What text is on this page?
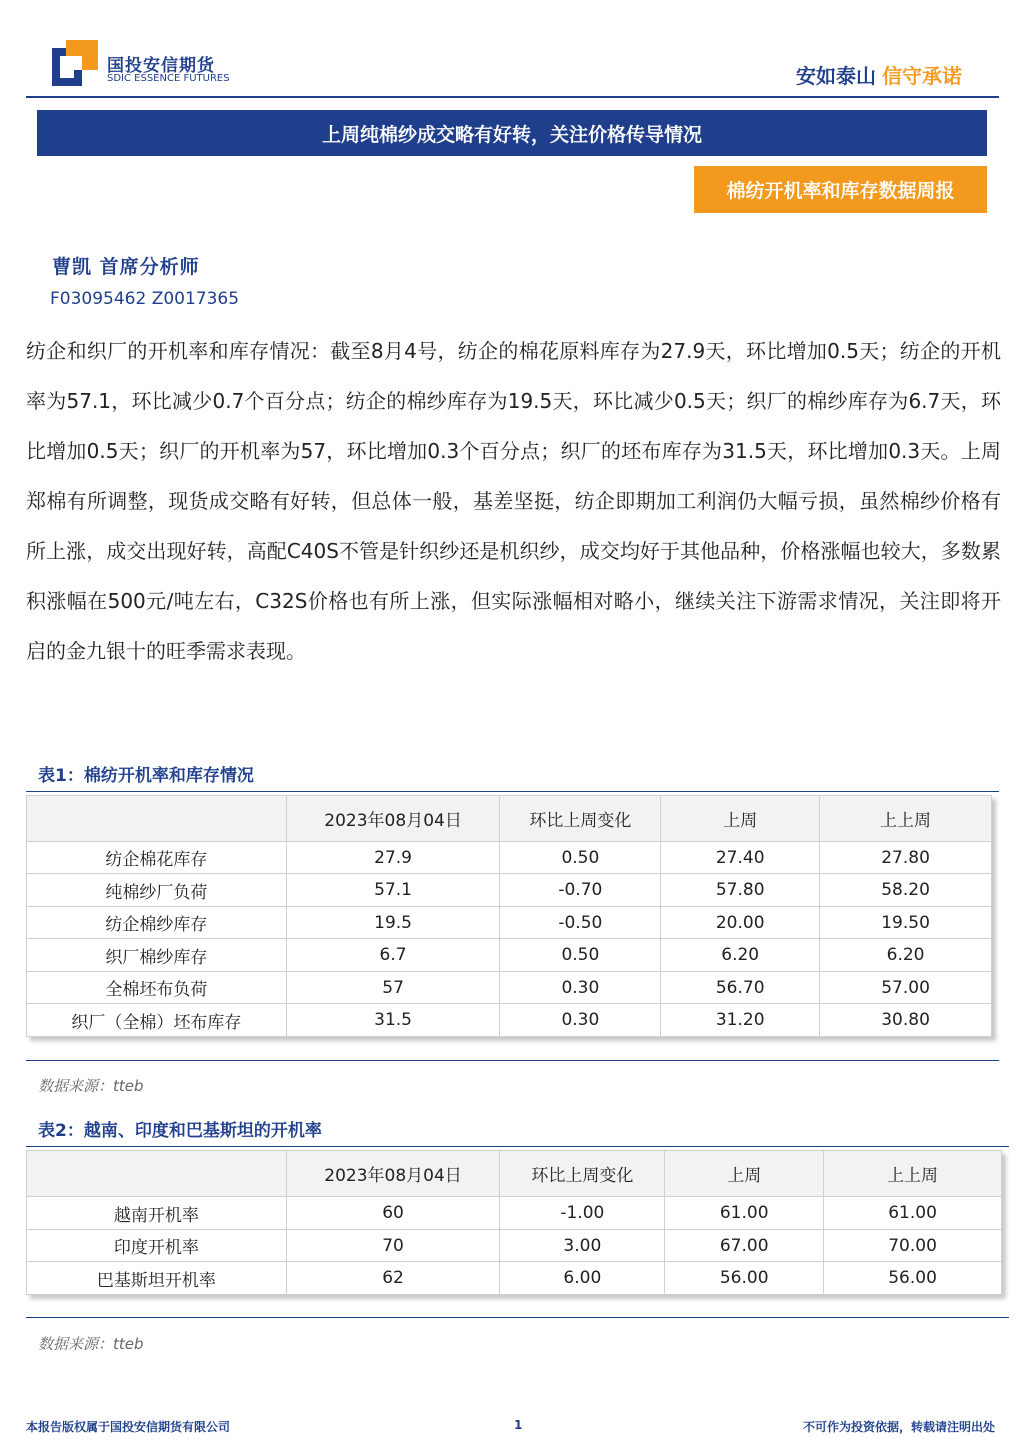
国投安信期货
SDIC ESSENCE FUTURES	安如泰山 信守承诺
上周纯棉纱成交略有好转，关注价格传导情况
棉纺开机率和库存数据周报
曹凯 首席分析师
F03095462 Z0017365

纺企和织厂的开机率和库存情况：截至8月4号，纺企的棉花原料库存为27.9天，环比增加0.5天；纺企的开机率为57.1，环比减少0.7个百分点；纺企的棉纱库存为19.5天，环比减少0.5天；织厂的棉纱库存为6.7天，环比增加0.5天；织厂的开机率为57，环比增加0.3个百分点；织厂的坯布库存为31.5天，环比增加0.3天。上周郑棉有所调整，现货成交略有好转，但总体一般，基差坚挺，纺企即期加工利润仍大幅亏损，虽然棉纱价格有所上涨，成交出现好转，高配C40S不管是针织纱还是机织纱，成交均好于其他品种，价格涨幅也较大，多数累积涨幅在500元/吨左右，C32S价格也有所上涨，但实际涨幅相对略小，继续关注下游需求情况，关注即将开启的金九银十的旺季需求表现。

表1：棉纺开机率和库存情况
	2023年08月04日	环比上周变化	上周	上上周
纺企棉花库存	27.9	0.50	27.40	27.80
纯棉纱厂负荷	57.1	-0.70	57.80	58.20
纺企棉纱库存	19.5	-0.50	20.00	19.50
织厂棉纱库存	6.7	0.50	6.20	6.20
全棉坯布负荷	57	0.30	56.70	57.00
织厂（全棉）坯布库存	31.5	0.30	31.20	30.80
数据来源：tteb
表2：越南、印度和巴基斯坦的开机率
	2023年08月04日	环比上周变化	上周	上上周
越南开机率	60	-1.00	61.00	61.00
印度开机率	70	3.00	67.00	70.00
巴基斯坦开机率	62	6.00	56.00	56.00
数据来源：tteb
本报告版权属于国投安信期货有限公司	1	不可作为投资依据，转载请注明出处
